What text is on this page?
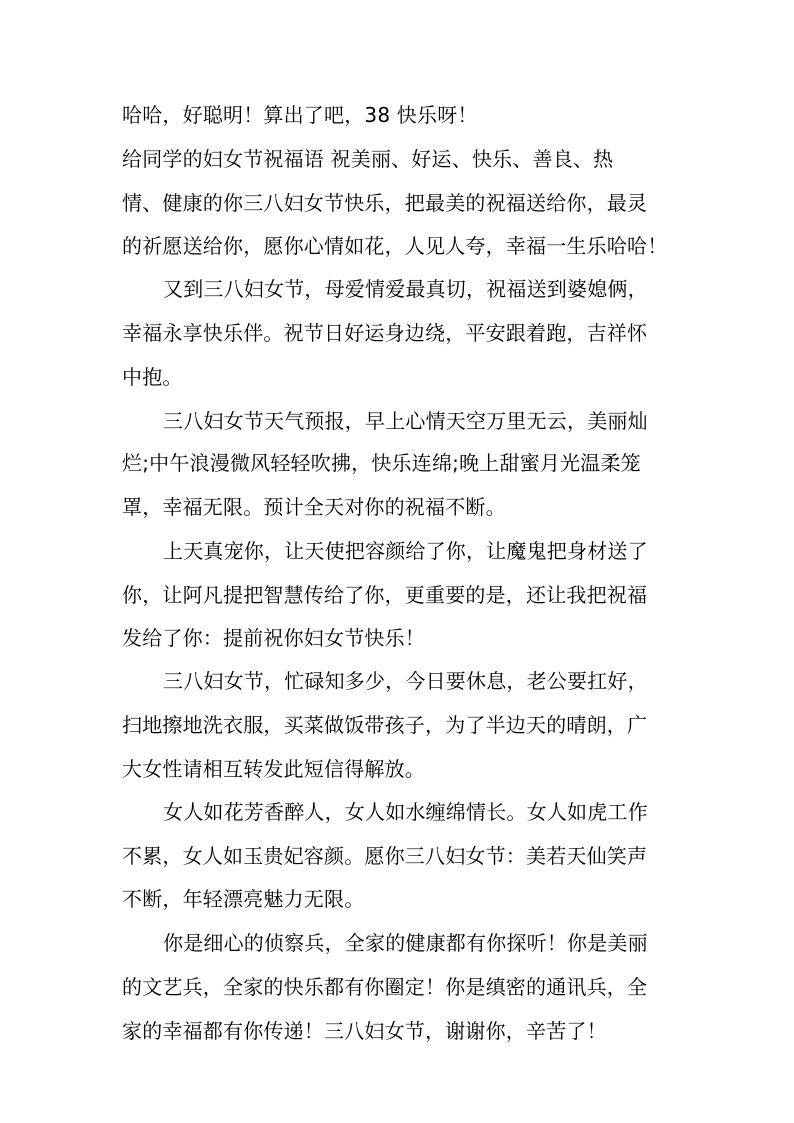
哈哈，好聪明！算出了吧，38 快乐呀！
给同学的妇女节祝福语 祝美丽、好运、快乐、善良、热
情、健康的你三八妇女节快乐，把最美的祝福送给你，最灵
的祈愿送给你，愿你心情如花，人见人夸，幸福一生乐哈哈！
又到三八妇女节，母爱情爱最真切，祝福送到婆媳俩，
幸福永享快乐伴。祝节日好运身边绕，平安跟着跑，吉祥怀
中抱。
三八妇女节天气预报，早上心情天空万里无云，美丽灿
烂;中午浪漫微风轻轻吹拂，快乐连绵;晚上甜蜜月光温柔笼
罩，幸福无限。预计全天对你的祝福不断。
上天真宠你，让天使把容颜给了你，让魔鬼把身材送了
你，让阿凡提把智慧传给了你，更重要的是，还让我把祝福
发给了你：提前祝你妇女节快乐！
三八妇女节，忙碌知多少，今日要休息，老公要扛好，
扫地擦地洗衣服，买菜做饭带孩子，为了半边天的晴朗，广
大女性请相互转发此短信得解放。
女人如花芳香醉人，女人如水缠绵情长。女人如虎工作
不累，女人如玉贵妃容颜。愿你三八妇女节：美若天仙笑声
不断，年轻漂亮魅力无限。
你是细心的侦察兵，全家的健康都有你探听！你是美丽
的文艺兵，全家的快乐都有你圈定！你是缜密的通讯兵，全
家的幸福都有你传递！三八妇女节，谢谢你，辛苦了！
